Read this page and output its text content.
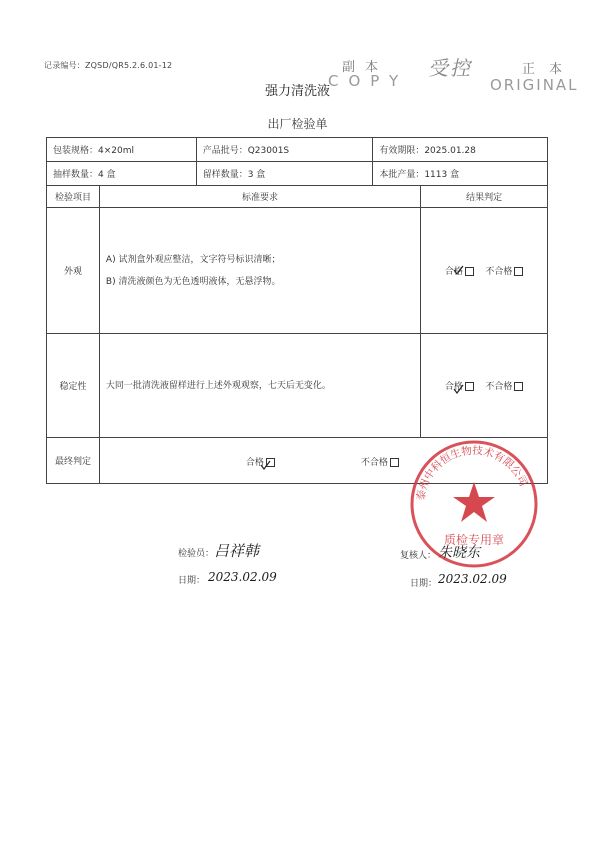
记录编号：ZQSD/QR5.2.6.01-12	副本 受控	正本
COPY	ORIGINAL
强力清洗液
出厂检验单
包装规格：4×20ml		产品批号：Q23001S	有效期限：2025.01.28	
抽样数量：4 盒		留样数量：3 盒	本批产量：1113 盒	
检验项目	标准要求			结果判定
外观	A) 试剂盒外观应整洁，文字符号标识清晰；

B) 清洗液颜色为无色透明液体，无悬浮物。			合格 不合格
稳定性	大同一批清洗液留样进行上述外观观察，七天后无变化。			合格 不合格
最终判定	合格 不合格			
泰州中科恒生物技术有限公司
质检专用章
检验员： 吕祥韩
日期： 2023.02.09
复核人： 朱晓东
日期： 2023.02.09
